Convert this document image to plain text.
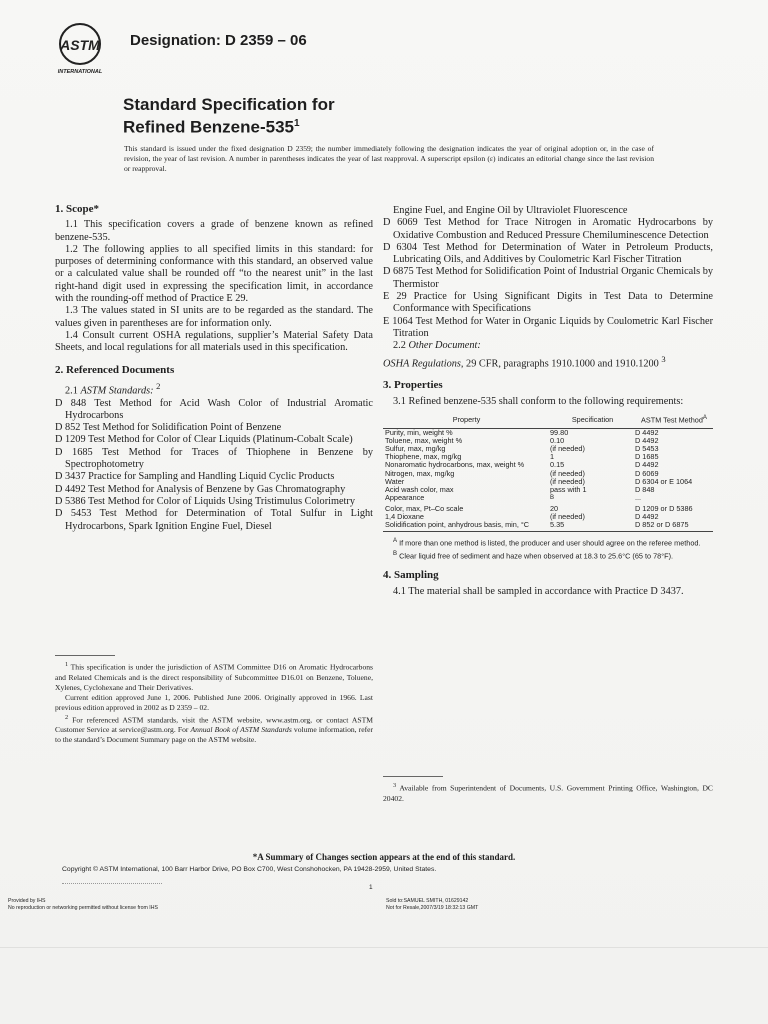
ASTM
INTERNATIONAL
Designation: D 2359 – 06
Standard Specification for
Refined Benzene-$535^1$
This standard is issued under the fixed designation D 2359; the number immediately following the designation indicates the year of original adoption or, in the case of revision, the year of last revision. A number in parentheses indicates the year of last reapproval. A superscript epsilon (ε) indicates an editorial change since the last revision or reapproval.
1. Scope*

1.1 This specification covers a grade of benzene known as refined benzene-535.

1.2 The following applies to all specified limits in this standard: for purposes of determining conformance with this standard, an observed value or a calculated value shall be rounded off “to the nearest unit” in the last right-hand digit used in expressing the specification limit, in accordance with the rounding-off method of Practice E 29.

1.3 The values stated in SI units are to be regarded as the standard. The values given in parentheses are for information only.

1.4 Consult current OSHA regulations, supplier’s Material Safety Data Sheets, and local regulations for all materials used in this specification.

2. Referenced Documents

2.1 ASTM Standards: $^2$

D 848 Test Method for Acid Wash Color of Industrial Aromatic Hydrocarbons

D 852 Test Method for Solidification Point of Benzene

D 1209 Test Method for Color of Clear Liquids (Platinum-Cobalt Scale)

D 1685 Test Method for Traces of Thiophene in Benzene by Spectrophotometry

D 3437 Practice for Sampling and Handling Liquid Cyclic Products

D 4492 Test Method for Analysis of Benzene by Gas Chromatography

D 5386 Test Method for Color of Liquids Using Tristimulus Colorimetry

D 5453 Test Method for Determination of Total Sulfur in Light Hydrocarbons, Spark Ignition Engine Fuel, Diesel

$^1$ This specification is under the jurisdiction of ASTM Committee D16 on Aromatic Hydrocarbons and Related Chemicals and is the direct responsibility of Subcommittee D16.01 on Benzene, Toluene, Xylenes, Cyclohexane and Their Derivatives.

Current edition approved June 1, 2006. Published June 2006. Originally approved in 1966. Last previous edition approved in 2002 as D 2359 – 02.

$^2$ For referenced ASTM standards, visit the ASTM website, www.astm.org, or contact ASTM Customer Service at service@astm.org. For Annual Book of ASTM Standards volume information, refer to the standard’s Document Summary page on the ASTM website.

Engine Fuel, and Engine Oil by Ultraviolet Fluorescence

D 6069 Test Method for Trace Nitrogen in Aromatic Hydrocarbons by Oxidative Combustion and Reduced Pressure Chemiluminescence Detection

D 6304 Test Method for Determination of Water in Petroleum Products, Lubricating Oils, and Additives by Coulometric Karl Fischer Titration

D 6875 Test Method for Solidification Point of Industrial Organic Chemicals by Thermistor

E 29 Practice for Using Significant Digits in Test Data to Determine Conformance with Specifications

E 1064 Test Method for Water in Organic Liquids by Coulometric Karl Fischer Titration

2.2 Other Document:

OSHA Regulations, 29 CFR, paragraphs 1910.1000 and 1910.1200 $^3$

3. Properties

3.1 Refined benzene-535 shall conform to the following requirements:

Property	Specification	ASTM Test Method$^A$
Purity, min, weight %	99.80	D 4492
Toluene, max, weight %	0.10	D 4492
Sulfur, max, mg/kg	(if needed)	D 5453
Thiophene, max, mg/kg	1	D 1685
Nonaromatic hydrocarbons, max, weight %	0.15	D 4492
Nitrogen, max, mg/kg	(if needed)	D 6069
Water	(if needed)	D 6304 or E 1064
Acid wash color, max	pass with 1	D 848
Appearance	$^B$	...
Color, max, Pt–Co scale	20	D 1209 or D 5386
1,4 Dioxane	(if needed)	D 4492
Solidification point, anhydrous basis, min, °C	5.35	D 852 or D 6875

$^A$ If more than one method is listed, the producer and user should agree on the referee method.

$^B$ Clear liquid free of sediment and haze when observed at 18.3 to 25.6°C (65 to 78°F).

4. Sampling

4.1 The material shall be sampled in accordance with Practice D 3437.

$^3$ Available from Superintendent of Documents, U.S. Government Printing Office, Washington, DC 20402.

*A Summary of Changes section appears at the end of this standard.
Copyright © ASTM International, 100 Barr Harbor Drive, PO Box C700, West Conshohocken, PA 19428-2959, United States.
1
Provided by IHS
No reproduction or networking permitted without license from IHS
Sold to:SAMUEL SMITH, 01629142
Not for Resale,2007/3/19 18:32:13 GMT
